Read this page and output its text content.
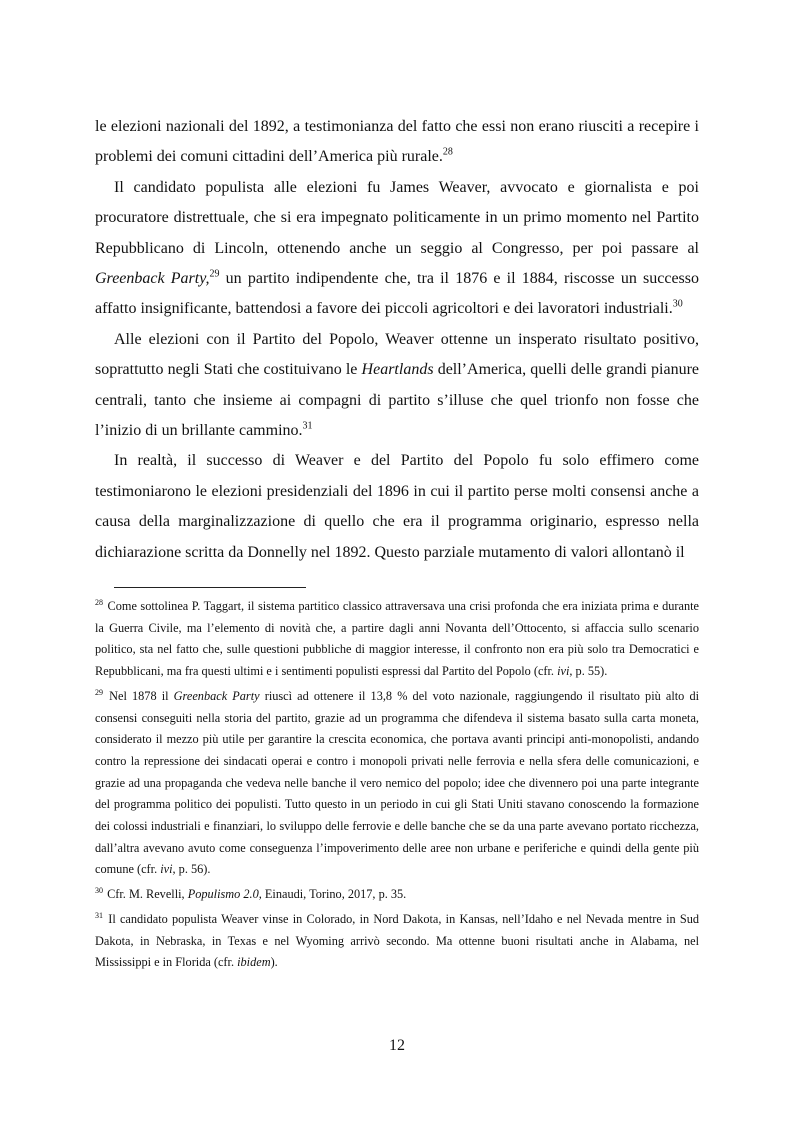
le elezioni nazionali del 1892, a testimonianza del fatto che essi non erano riusciti a recepire i problemi dei comuni cittadini dell’America più rurale.$^{28}$

Il candidato populista alle elezioni fu James Weaver, avvocato e giornalista e poi procuratore distrettuale, che si era impegnato politicamente in un primo momento nel Partito Repubblicano di Lincoln, ottenendo anche un seggio al Congresso, per poi passare al Greenback Party,$^{29}$ un partito indipendente che, tra il 1876 e il 1884, riscosse un successo affatto insignificante, battendosi a favore dei piccoli agricoltori e dei lavoratori industriali.$^{30}$

Alle elezioni con il Partito del Popolo, Weaver ottenne un insperato risultato positivo, soprattutto negli Stati che costituivano le Heartlands dell’America, quelli delle grandi pianure centrali, tanto che insieme ai compagni di partito s’illuse che quel trionfo non fosse che l’inizio di un brillante cammino.$^{31}$

In realtà, il successo di Weaver e del Partito del Popolo fu solo effimero come testimoniarono le elezioni presidenziali del 1896 in cui il partito perse molti consensi anche a causa della marginalizzazione di quello che era il programma originario, espresso nella dichiarazione scritta da Donnelly nel 1892. Questo parziale mutamento di valori allontanò il

$^{28}$ Come sottolinea P. Taggart, il sistema partitico classico attraversava una crisi profonda che era iniziata prima e durante la Guerra Civile, ma l’elemento di novità che, a partire dagli anni Novanta dell’Ottocento, si affaccia sullo scenario politico, sta nel fatto che, sulle questioni pubbliche di maggior interesse, il confronto non era più solo tra Democratici e Repubblicani, ma fra questi ultimi e i sentimenti populisti espressi dal Partito del Popolo (cfr. ivi, p. 55).

$^{29}$ Nel 1878 il Greenback Party riuscì ad ottenere il 13,8 % del voto nazionale, raggiungendo il risultato più alto di consensi conseguiti nella storia del partito, grazie ad un programma che difendeva il sistema basato sulla carta moneta, considerato il mezzo più utile per garantire la crescita economica, che portava avanti principi anti-monopolisti, andando contro la repressione dei sindacati operai e contro i monopoli privati nelle ferrovia e nella sfera delle comunicazioni, e grazie ad una propaganda che vedeva nelle banche il vero nemico del popolo; idee che divennero poi una parte integrante del programma politico dei populisti. Tutto questo in un periodo in cui gli Stati Uniti stavano conoscendo la formazione dei colossi industriali e finanziari, lo sviluppo delle ferrovie e delle banche che se da una parte avevano portato ricchezza, dall’altra avevano avuto come conseguenza l’impoverimento delle aree non urbane e periferiche e quindi della gente più comune (cfr. ivi, p. 56).

$^{30}$ Cfr. M. Revelli, Populismo 2.0, Einaudi, Torino, 2017, p. 35.

$^{31}$ Il candidato populista Weaver vinse in Colorado, in Nord Dakota, in Kansas, nell’Idaho e nel Nevada mentre in Sud Dakota, in Nebraska, in Texas e nel Wyoming arrivò secondo. Ma ottenne buoni risultati anche in Alabama, nel Mississippi e in Florida (cfr. ibidem).

12
